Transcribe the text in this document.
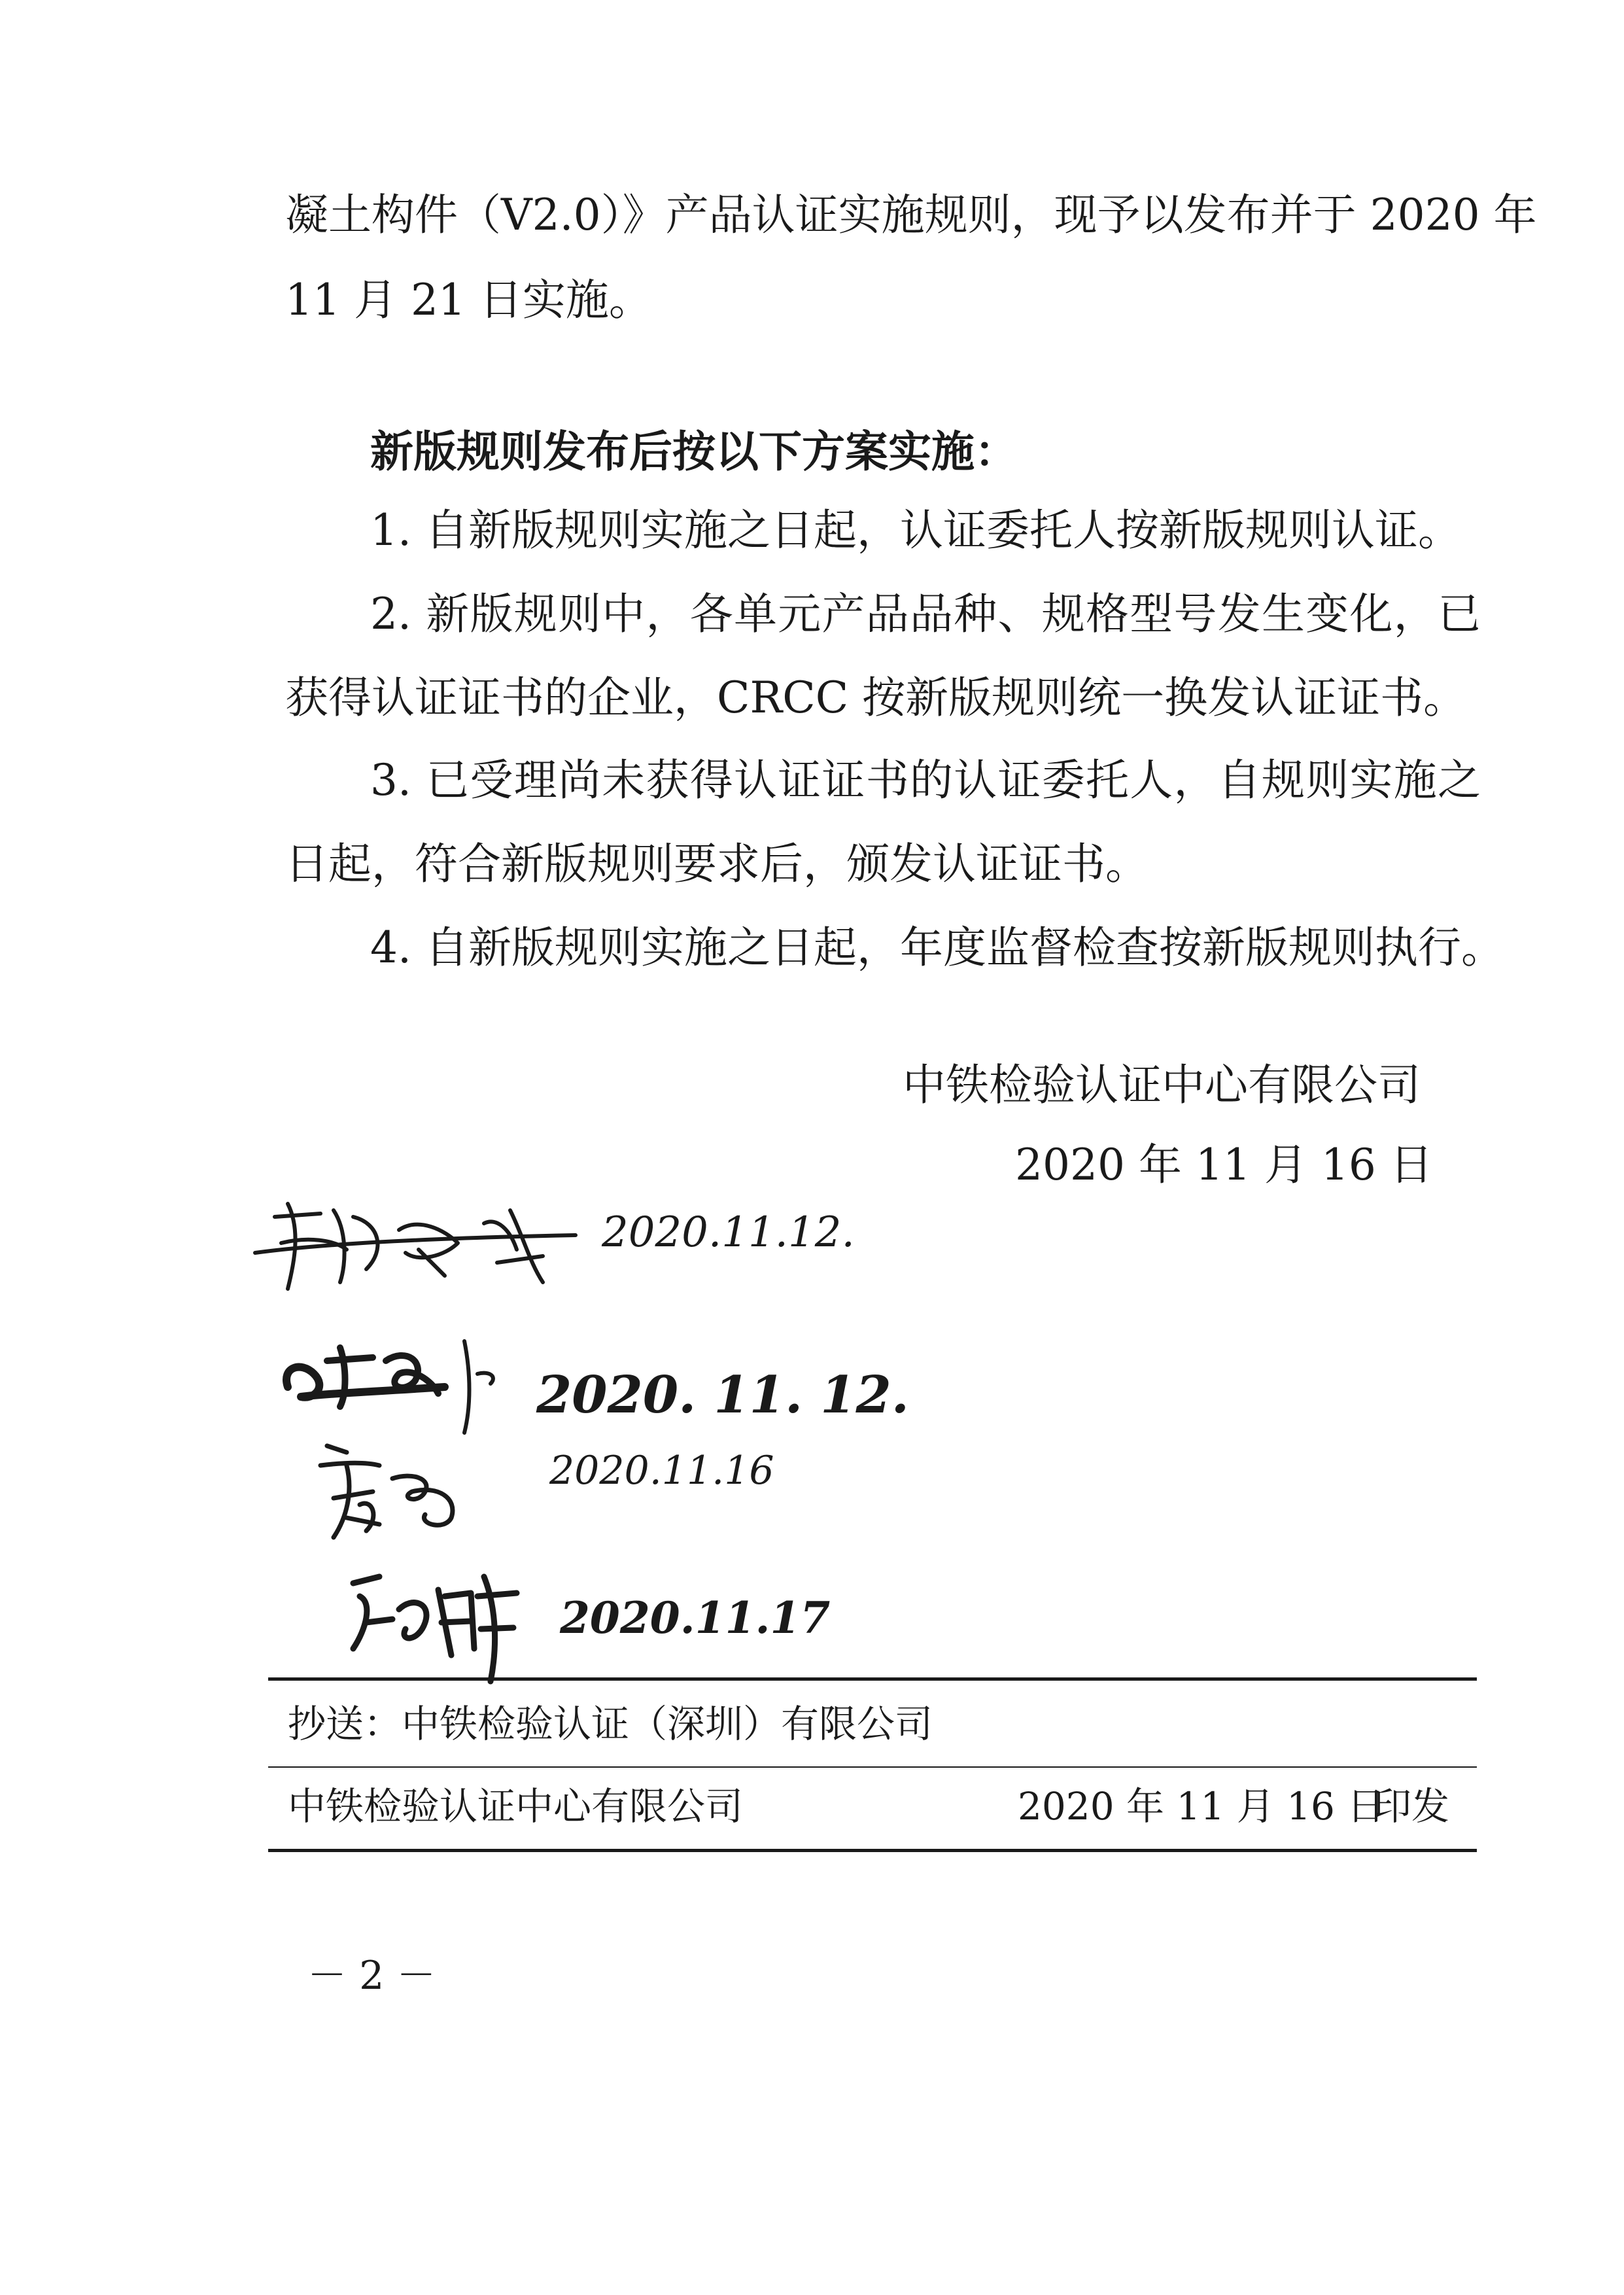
凝土构件（V2.0）》产品认证实施规则，现予以发布并于 2020 年
11 月 21 日实施。
新版规则发布后按以下方案实施：
1. 自新版规则实施之日起，认证委托人按新版规则认证。
2. 新版规则中，各单元产品品种、规格型号发生变化，已
获得认证证书的企业，CRCC 按新版规则统一换发认证证书。
3. 已受理尚未获得认证证书的认证委托人，自规则实施之
日起，符合新版规则要求后，颁发认证证书。
4. 自新版规则实施之日起，年度监督检查按新版规则执行。
中铁检验认证中心有限公司
2020 年 11 月 16 日
2020.11.12.
2020. 11. 12.
2020.11.16
2020.11.17
抄送：中铁检验认证（深圳）有限公司
中铁检验认证中心有限公司	2020 年 11 月 16 日
印发
－ 2 －
